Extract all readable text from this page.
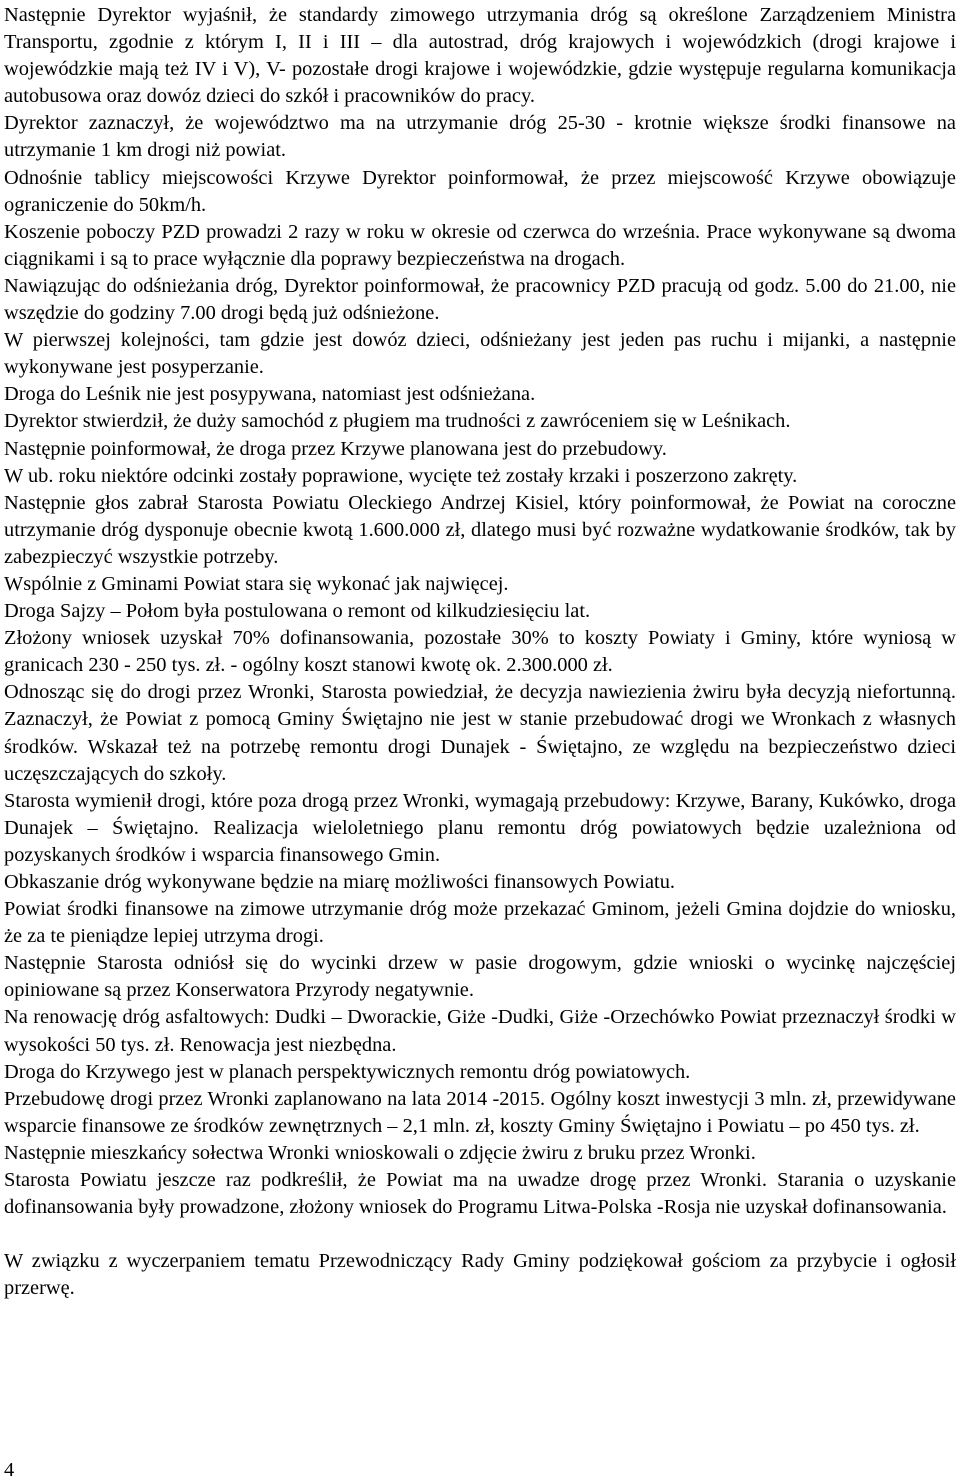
Następnie Dyrektor wyjaśnił, że standardy zimowego utrzymania dróg są określone Zarządzeniem Ministra Transportu, zgodnie z którym I, II i III – dla autostrad, dróg krajowych i wojewódzkich (drogi krajowe i wojewódzkie mają też IV i V), V- pozostałe drogi krajowe i wojewódzkie, gdzie występuje regularna komunikacja autobusowa oraz dowóz dzieci do szkół i pracowników do pracy.

Dyrektor zaznaczył, że województwo ma na utrzymanie dróg 25-30 - krotnie większe środki finansowe na utrzymanie 1 km drogi niż powiat.

Odnośnie tablicy miejscowości Krzywe Dyrektor poinformował, że przez miejscowość Krzywe obowiązuje ograniczenie do 50km/h.

Koszenie poboczy PZD prowadzi 2 razy w roku w okresie od czerwca do września. Prace wykonywane są dwoma ciągnikami i są to prace wyłącznie dla poprawy bezpieczeństwa na drogach.

Nawiązując do odśnieżania dróg, Dyrektor poinformował, że pracownicy PZD pracują od godz. 5.00 do 21.00, nie wszędzie do godziny 7.00 drogi będą już odśnieżone.

W pierwszej kolejności, tam gdzie jest dowóz dzieci, odśnieżany jest jeden pas ruchu i mijanki, a następnie wykonywane jest posyperzanie.

Droga do Leśnik nie jest posypywana, natomiast jest odśnieżana.

Dyrektor stwierdził, że duży samochód z pługiem ma trudności z zawróceniem się w Leśnikach.

Następnie poinformował, że droga przez Krzywe planowana jest do przebudowy.

W ub. roku niektóre odcinki zostały poprawione, wycięte też zostały krzaki i poszerzono zakręty.

Następnie głos zabrał Starosta Powiatu Oleckiego Andrzej Kisiel, który poinformował, że Powiat na coroczne utrzymanie dróg dysponuje obecnie kwotą 1.600.000 zł, dlatego musi być rozważne wydatkowanie środków, tak by zabezpieczyć wszystkie potrzeby.

Wspólnie z Gminami Powiat stara się wykonać jak najwięcej.

Droga Sajzy – Połom była postulowana o remont od kilkudziesięciu lat.

Złożony wniosek uzyskał 70% dofinansowania, pozostałe 30% to koszty Powiaty i Gminy, które wyniosą w granicach 230 - 250 tys. zł. - ogólny koszt stanowi kwotę ok. 2.300.000 zł.

Odnosząc się do drogi przez Wronki, Starosta powiedział, że decyzja nawiezienia żwiru była decyzją niefortunną. Zaznaczył, że Powiat z pomocą Gminy Świętajno nie jest w stanie przebudować drogi we Wronkach z własnych środków. Wskazał też na potrzebę remontu drogi Dunajek - Świętajno, ze względu na bezpieczeństwo dzieci uczęszczających do szkoły.

Starosta wymienił drogi, które poza drogą przez Wronki, wymagają przebudowy: Krzywe, Barany, Kukówko, droga Dunajek – Świętajno. Realizacja wieloletniego planu remontu dróg powiatowych będzie uzależniona od pozyskanych środków i wsparcia finansowego Gmin.

Obkaszanie dróg wykonywane będzie na miarę możliwości finansowych Powiatu.

Powiat środki finansowe na zimowe utrzymanie dróg może przekazać Gminom, jeżeli Gmina dojdzie do wniosku, że za te pieniądze lepiej utrzyma drogi.

Następnie Starosta odniósł się do wycinki drzew w pasie drogowym, gdzie wnioski o wycinkę najczęściej opiniowane są przez Konserwatora Przyrody negatywnie.

Na renowację dróg asfaltowych: Dudki – Dworackie, Giże -Dudki, Giże -Orzechówko Powiat przeznaczył środki w wysokości 50 tys. zł. Renowacja jest niezbędna.

Droga do Krzywego jest w planach perspektywicznych remontu dróg powiatowych.

Przebudowę drogi przez Wronki zaplanowano na lata 2014 -2015. Ogólny koszt inwestycji 3 mln. zł, przewidywane wsparcie finansowe ze środków zewnętrznych – 2,1 mln. zł, koszty Gminy Świętajno i Powiatu – po 450 tys. zł.

Następnie mieszkańcy sołectwa Wronki wnioskowali o zdjęcie żwiru z bruku przez Wronki.

Starosta Powiatu jeszcze raz podkreślił, że Powiat ma na uwadze drogę przez Wronki. Starania o uzyskanie dofinansowania były prowadzone, złożony wniosek do Programu Litwa-Polska -Rosja nie uzyskał dofinansowania.

W związku z wyczerpaniem tematu Przewodniczący Rady Gminy podziękował gościom za przybycie i ogłosił przerwę.

4
